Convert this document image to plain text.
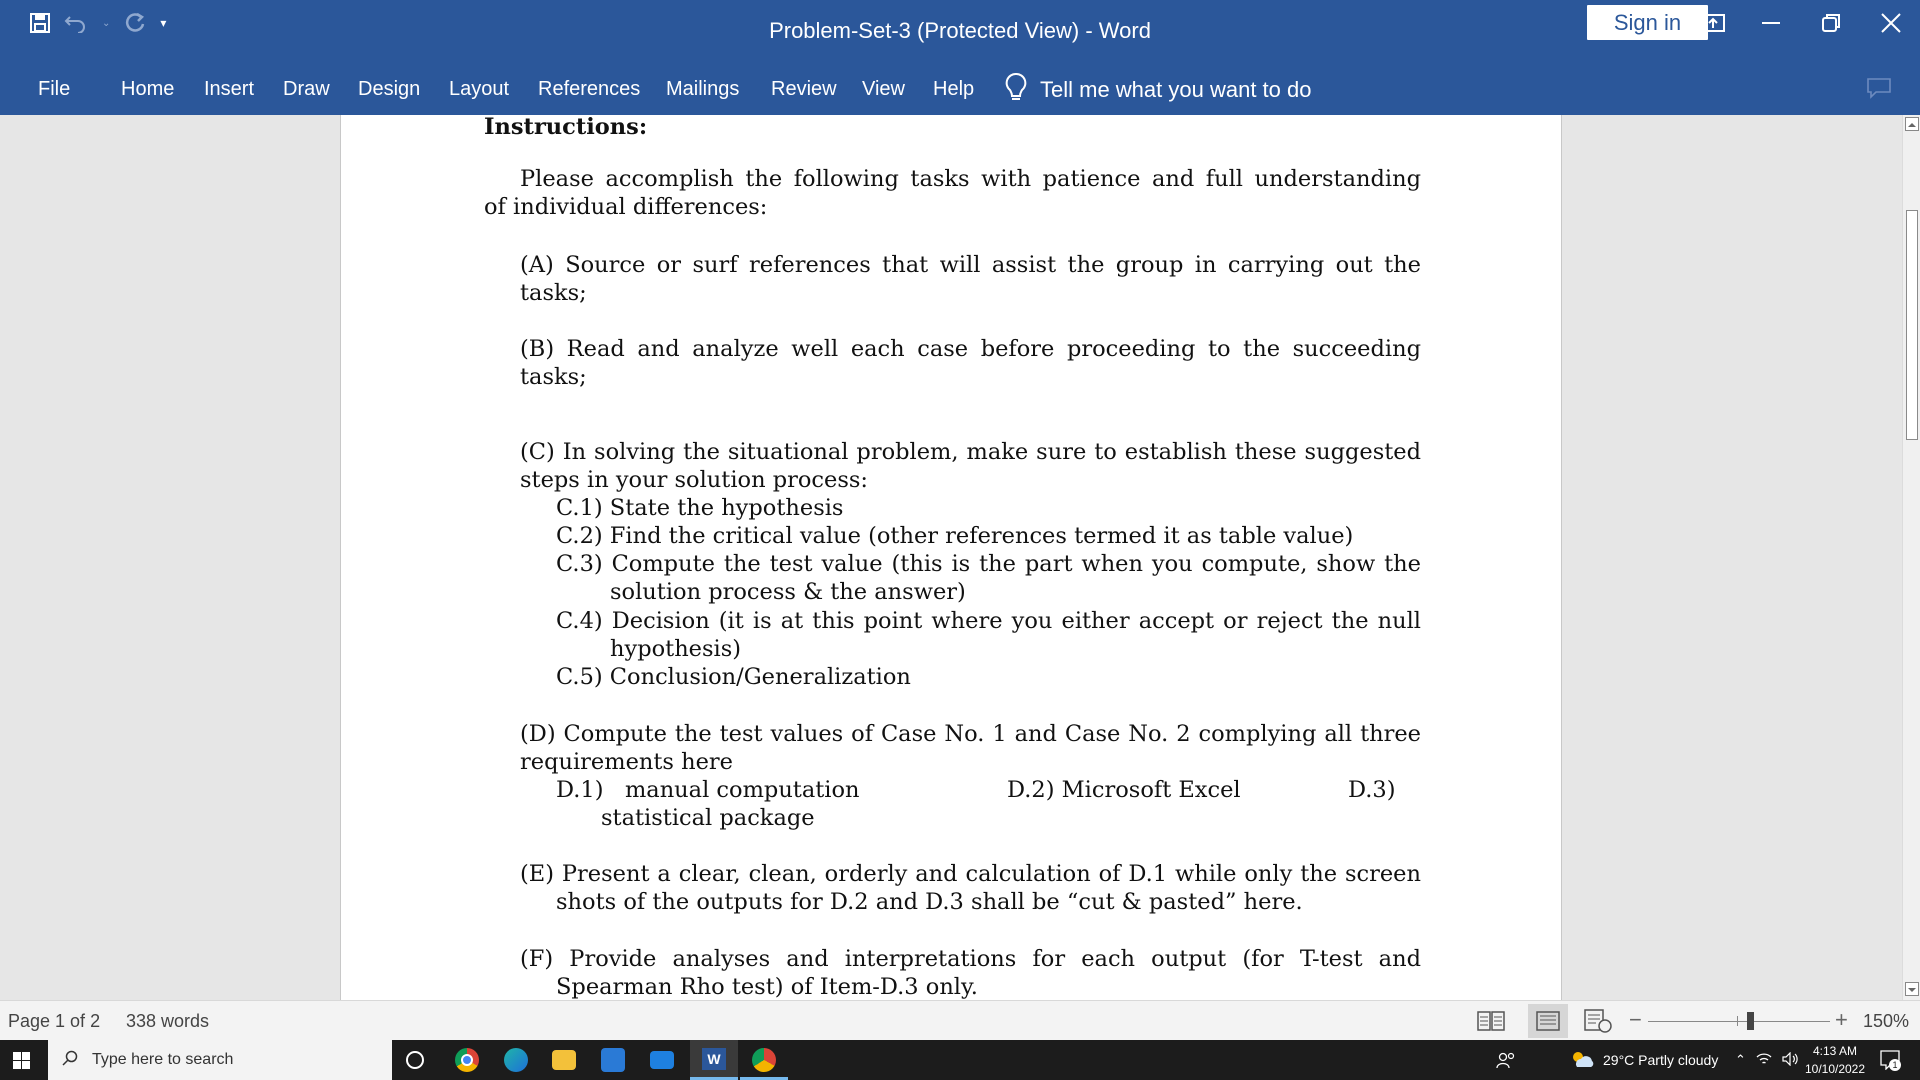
⌄	▾	Problem-Set-3 (Protected View) - Word	Sign in
File	Home Insert Draw Design Layout References Mailings Review View Help	Tell me what you want to do
Instructions:
Please accomplish the following tasks with patience and full understanding
of individual differences:
(A) Source or surf references that will assist the group in carrying out the
tasks;
(B) Read and analyze well each case before proceeding to the succeeding
tasks;
(C) In solving the situational problem, make sure to establish these suggested
steps in your solution process:
C.1) State the hypothesis
C.2) Find the critical value (other references termed it as table value)
C.3) Compute the test value (this is the part when you compute, show the
solution process & the answer)
C.4) Decision (it is at this point where you either accept or reject the null
hypothesis)
C.5) Conclusion/Generalization
(D) Compute the test values of Case No. 1 and Case No. 2 complying all three
requirements here
D.1)   manual computation	D.2) Microsoft Excel	D.3)
statistical package
(E) Present a clear, clean, orderly and calculation of D.1 while only the screen
shots of the outputs for D.2 and D.3 shall be “cut & pasted” here.
(F) Provide analyses and interpretations for each output (for T-test and
Spearman Rho test) of Item-D.3 only.
Page 1 of 2 338 words	−	+ 150%
Type here to search	W	29°C Partly cloudy ⌃
4:13 AM
10/10/2022	1
